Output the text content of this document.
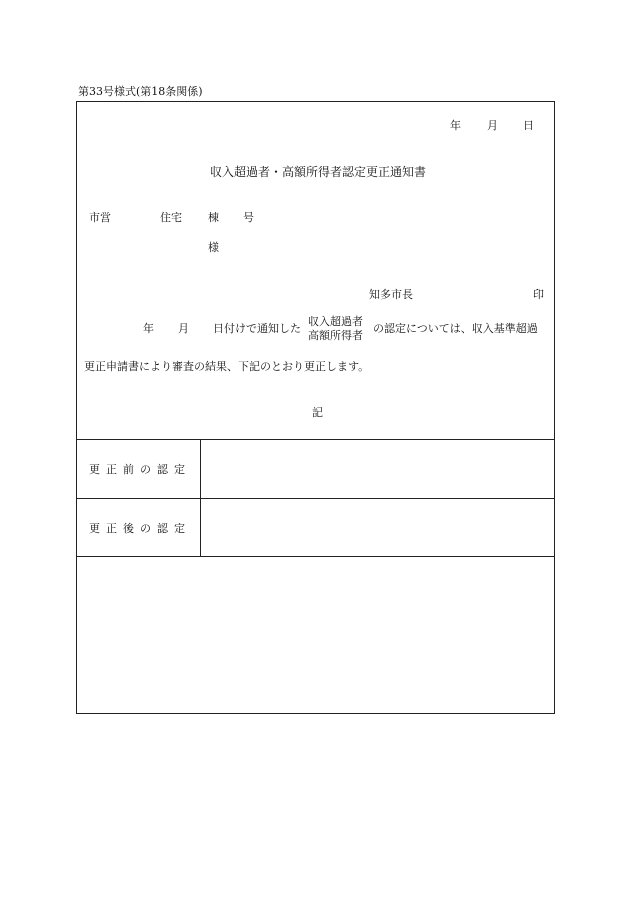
第33号様式(第18条関係)
年 月 日
収入超過者・高額所得者認定更正通知書
市営	住宅 棟 号
様
知多市長	印
年 月 日付けで通知した
収入超過者
高額所得者
の認定については、収入基準超過
更正申請書により審査の結果、下記のとおり更正します。
記
更正前の認定
更正後の認定
